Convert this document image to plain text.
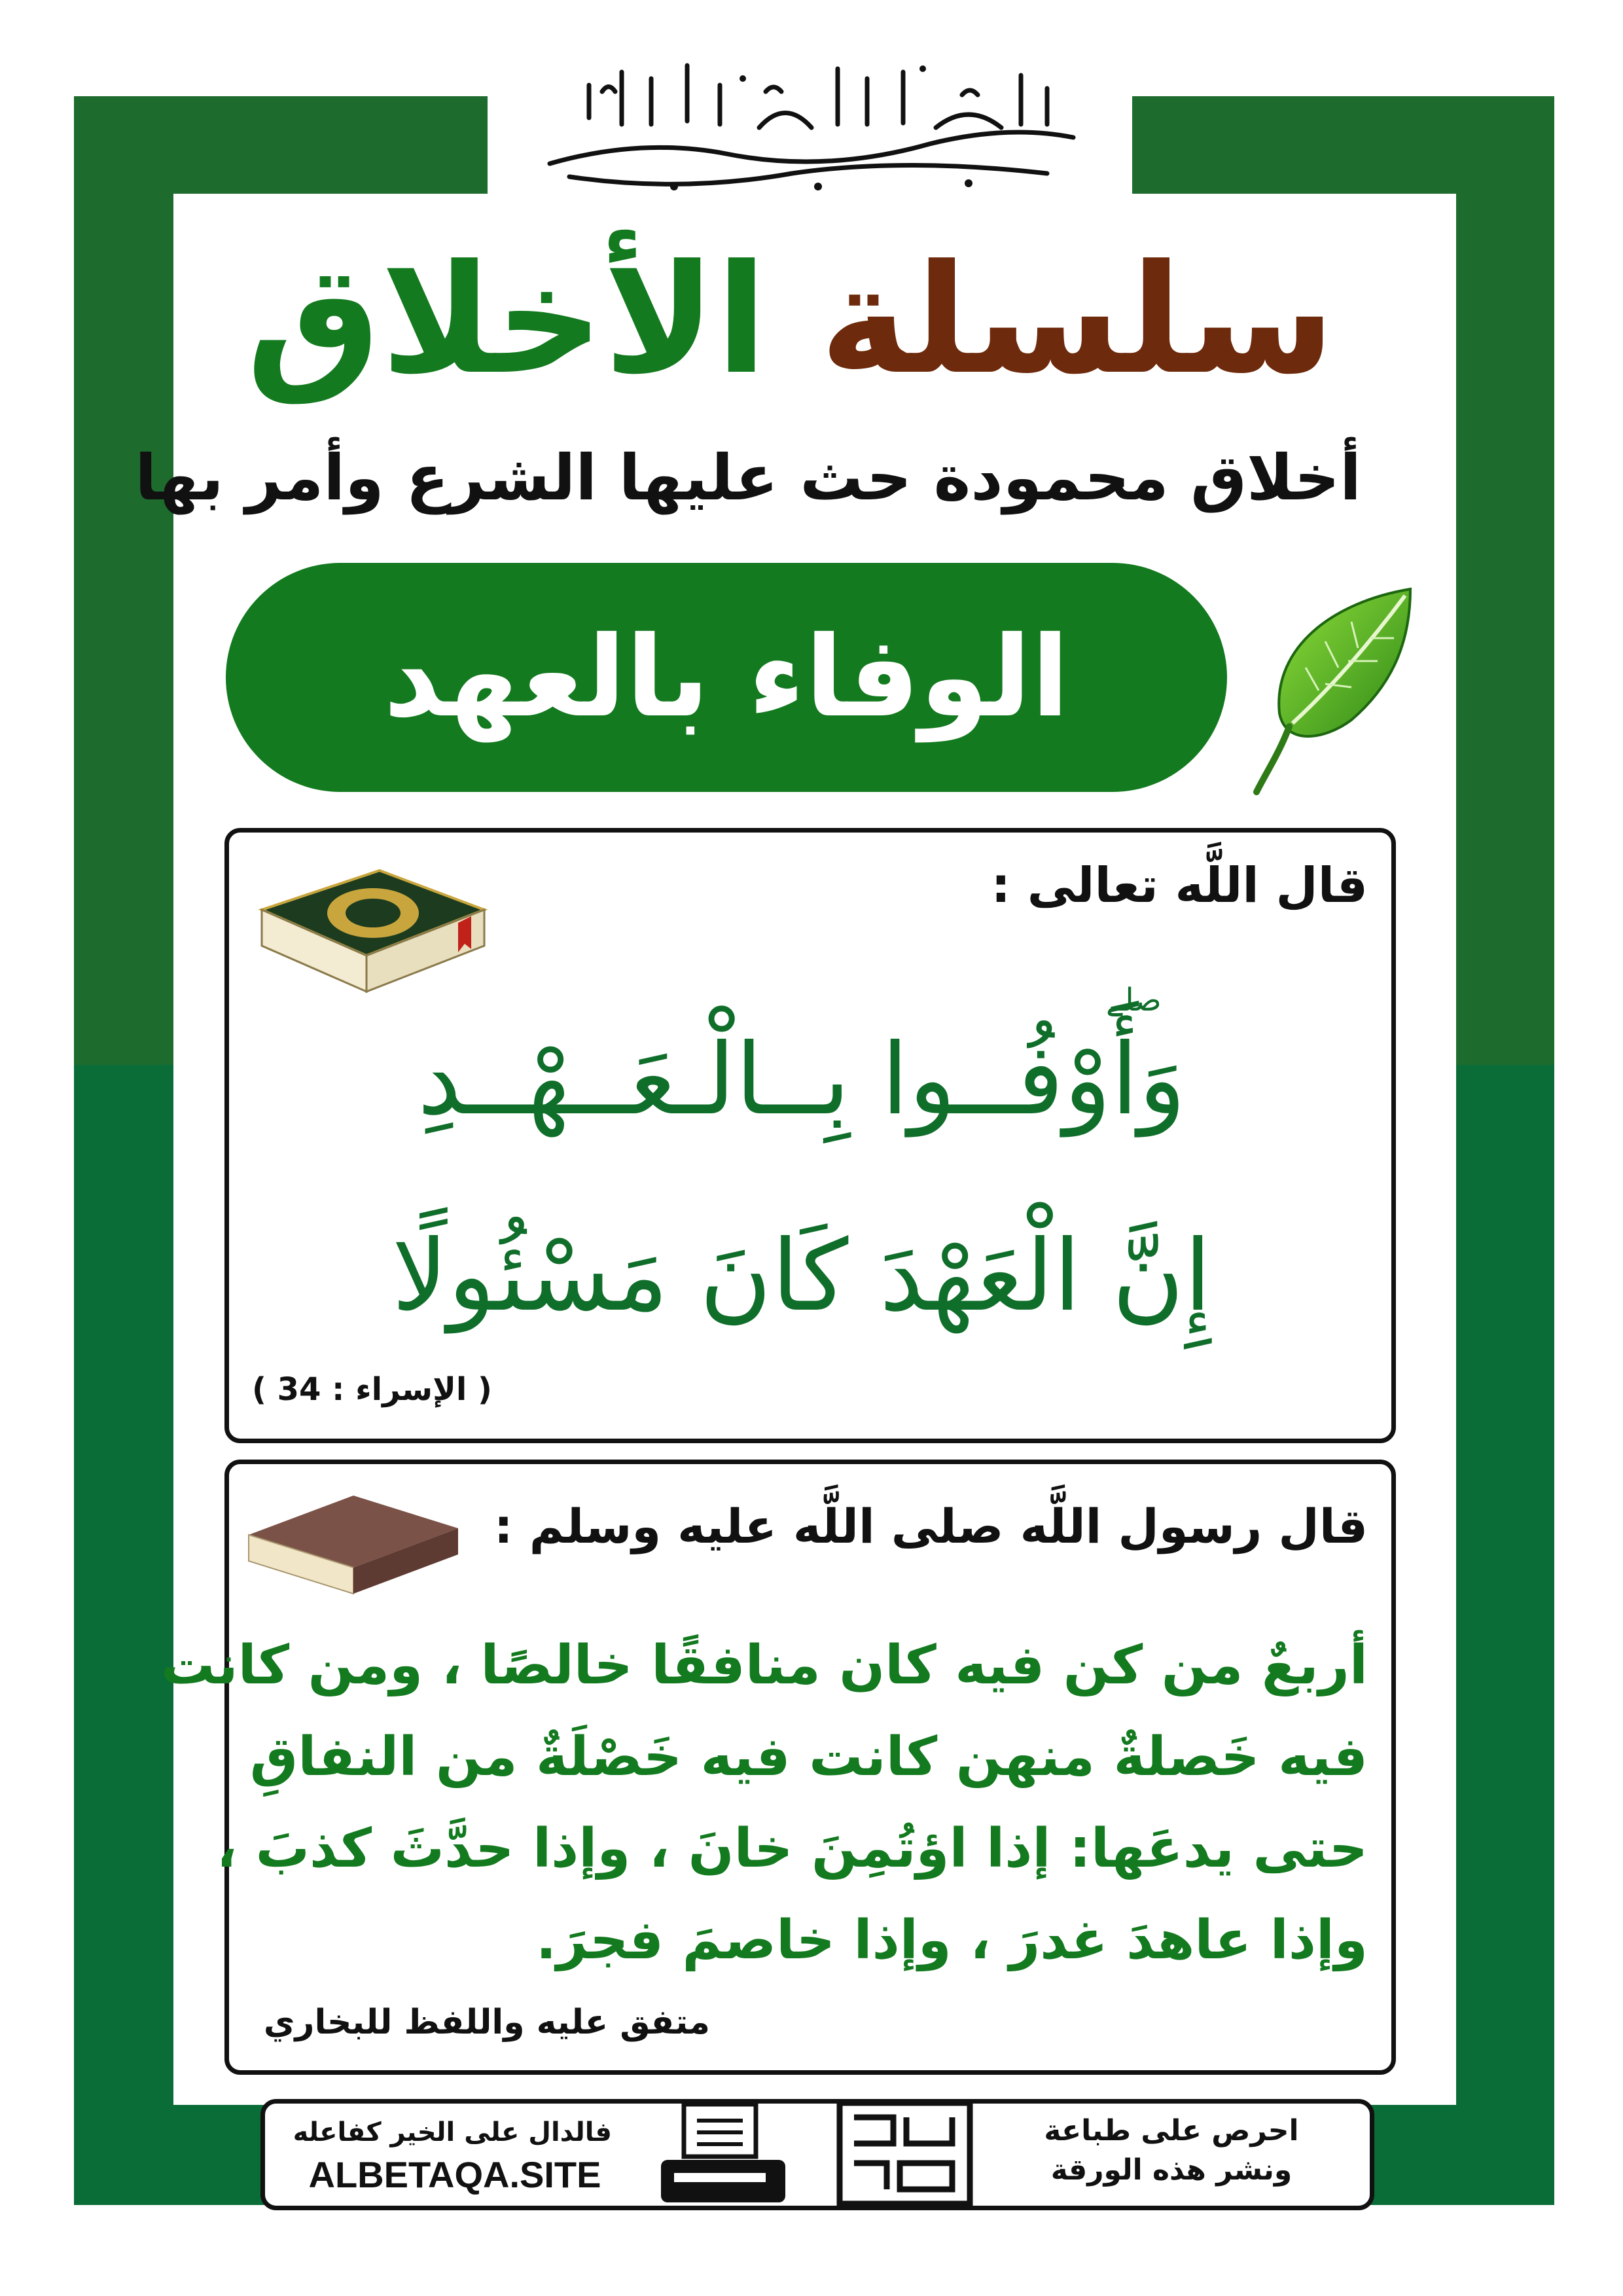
سلسلة الأخلاق
أخلاق محمودة حث عليها الشرع وأمر بها
الوفاء بالعهد
قال اللَّه تعالى :
صلے
وَأَوْفُــوا بِــالْـعَــهْــدِ
إِنَّ الْعَهْدَ كَانَ مَسْئُولًا
( الإسراء : 34 )
قال رسول اللَّه صلى اللَّه عليه وسلم :
أربعٌ من كن فيه كان منافقًا خالصًا ، ومن كانت
فيه خَصلةٌ منهن كانت فيه خَصْلَةٌ من النفاقِ
حتى يدعَها: إذا اؤتُمِنَ خانَ ، وإذا حدَّثَ كذبَ ،
وإذا عاهدَ غدرَ ، وإذا خاصمَ فجرَ.
متفق عليه واللفظ للبخاري
فالدال على الخير كفاعله
ALBETAQA.SITE
احرص على طباعة
ونشر هذه الورقة
